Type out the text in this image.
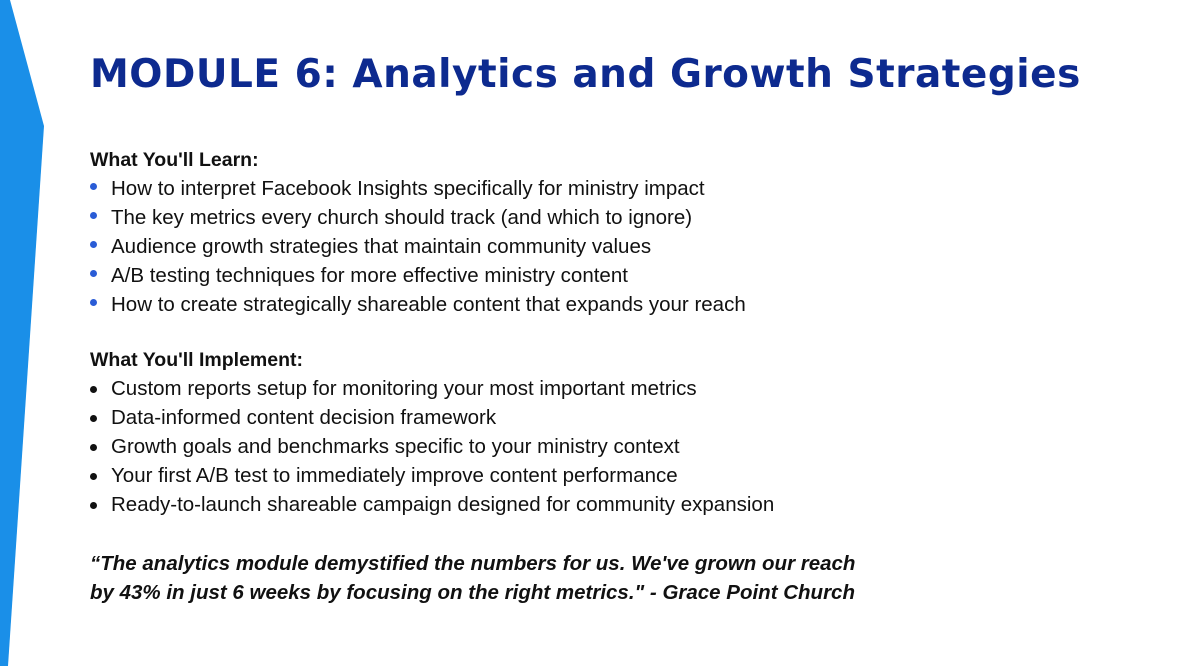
MODULE 6: Analytics and Growth Strategies

What You'll Learn:

How to interpret Facebook Insights specifically for ministry impact
The key metrics every church should track (and which to ignore)
Audience growth strategies that maintain community values
A/B testing techniques for more effective ministry content
How to create strategically shareable content that expands your reach

What You'll Implement:

Custom reports setup for monitoring your most important metrics
Data-informed content decision framework
Growth goals and benchmarks specific to your ministry context
Your first A/B test to immediately improve content performance
Ready-to-launch shareable campaign designed for community expansion
“The analytics module demystified the numbers for us. We've grown our reach
by 43% in just 6 weeks by focusing on the right metrics." - Grace Point Church
